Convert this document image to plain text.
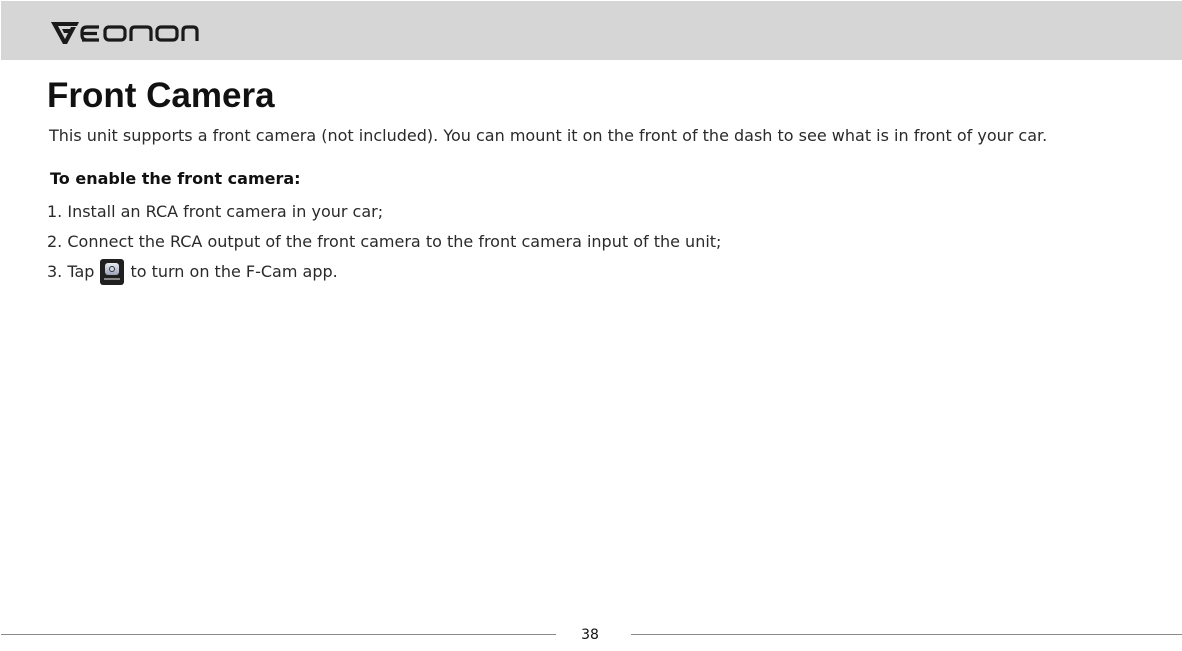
Front Camera

This unit supports a front camera (not included). You can mount it on the front of the dash to see what is in front of your car.

To enable the front camera:

1. Install an RCA front camera in your car;
2. Connect the RCA output of the front camera to the front camera input of the unit;
3. Tap to turn on the F-Cam app.
38
